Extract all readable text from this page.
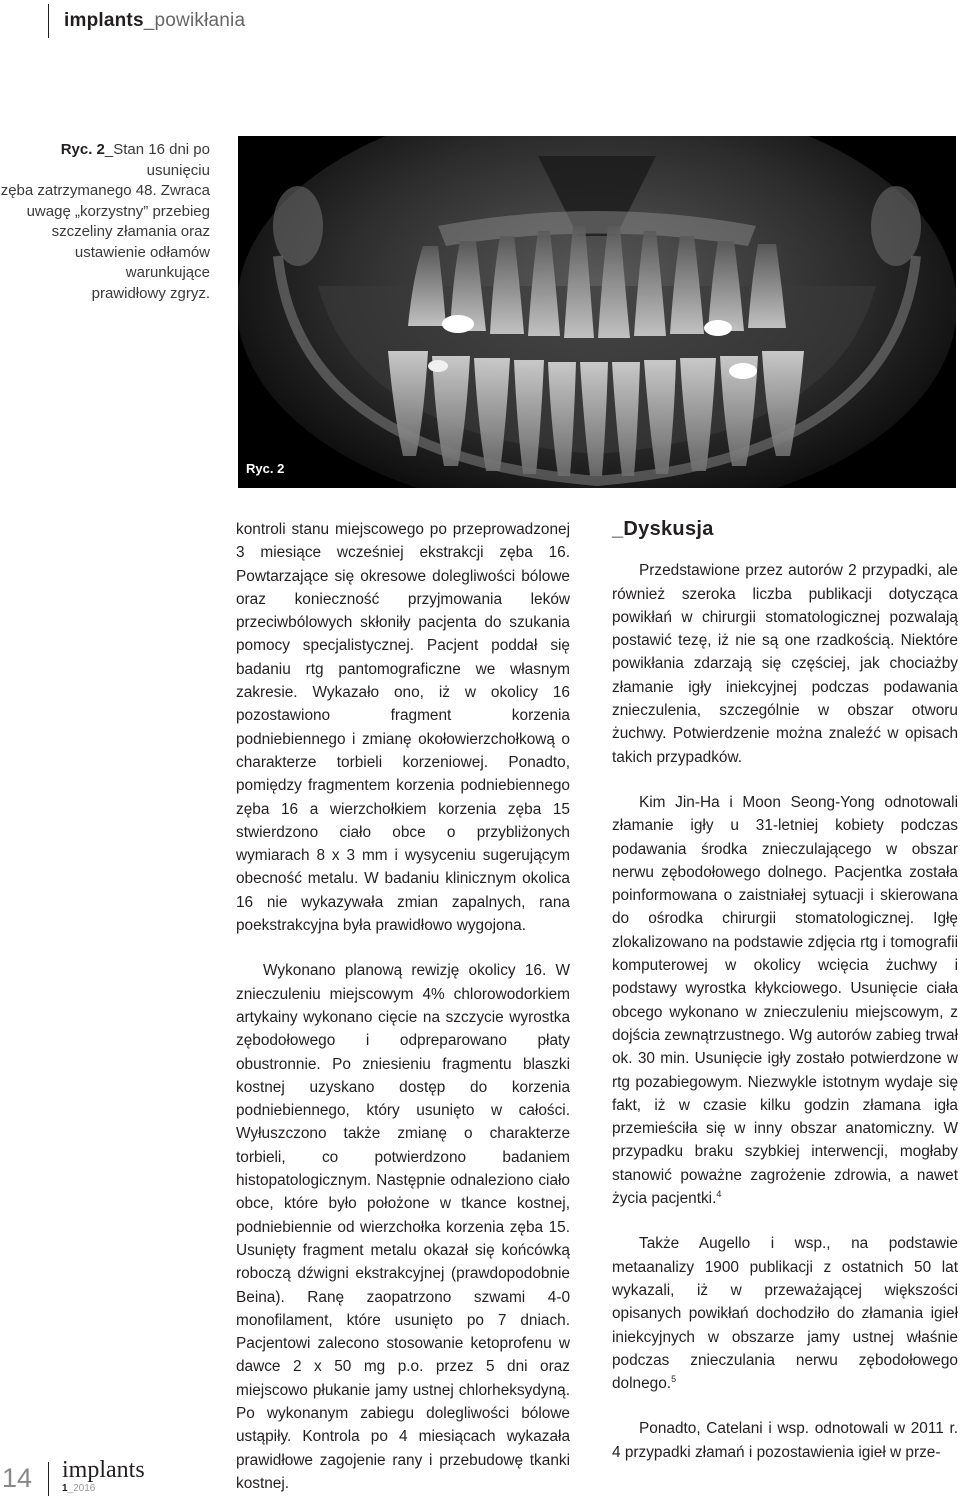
implants_powikłania
Ryc. 2_Stan 16 dni po usunięciu
zęba zatrzymanego 48. Zwraca
uwagę „korzystny” przebieg
szczeliny złamania oraz
ustawienie odłamów warunkujące
prawidłowy zgryz.
Ryc. 2

kontroli stanu miejscowego po przeprowadzonej 3 miesiące wcześniej ekstrakcji zęba 16. Powtarzające się okresowe dolegliwości bólowe oraz konieczność przyjmowania leków przeciwbólowych skłoniły pacjenta do szukania pomocy specjalistycznej. Pacjent poddał się badaniu rtg pantomograficzne we własnym zakresie. Wykazało ono, iż w okolicy 16 pozostawiono fragment korzenia podniebiennego i zmianę okołowierzchołkową o charakterze torbieli korzeniowej. Ponadto, pomiędzy fragmentem korzenia podniebiennego zęba 16 a wierzchołkiem korzenia zęba 15 stwierdzono ciało obce o przybliżonych wymiarach 8 x 3 mm i wysyceniu sugerującym obecność metalu. W badaniu klinicznym okolica 16 nie wykazywała zmian zapalnych, rana poekstrakcyjna była prawidłowo wygojona.

Wykonano planową rewizję okolicy 16. W znieczuleniu miejscowym 4% chlorowodorkiem artykainy wykonano cięcie na szczycie wyrostka zębodołowego i odpreparowano płaty obustronnie. Po zniesieniu fragmentu blaszki kostnej uzyskano dostęp do korzenia podniebiennego, który usunięto w całości. Wyłuszczono także zmianę o charakterze torbieli, co potwierdzono badaniem histopatologicznym. Następnie odnaleziono ciało obce, które było położone w tkance kostnej, podniebiennie od wierzchołka korzenia zęba 15. Usunięty fragment metalu okazał się końcówką roboczą dźwigni ekstrakcyjnej (prawdopodobnie Beina). Ranę zaopatrzono szwami 4-0 monofilament, które usunięto po 7 dniach. Pacjentowi zalecono stosowanie ketoprofenu w dawce 2 x 50 mg p.o. przez 5 dni oraz miejscowo płukanie jamy ustnej chlorheksydyną. Po wykonanym zabiegu dolegliwości bólowe ustąpiły. Kontrola po 4 miesiącach wykazała prawidłowe zagojenie rany i przebudowę tkanki kostnej.

_Dyskusja

Przedstawione przez autorów 2 przypadki, ale również szeroka liczba publikacji dotycząca powikłań w chirurgii stomatologicznej pozwalają postawić tezę, iż nie są one rzadkością. Niektóre powikłania zdarzają się częściej, jak chociażby złamanie igły iniekcyjnej podczas podawania znieczulenia, szczególnie w obszar otworu żuchwy. Potwierdzenie można znaleźć w opisach takich przypadków.

Kim Jin-Ha i Moon Seong-Yong odnotowali złamanie igły u 31-letniej kobiety podczas podawania środka znieczulającego w obszar nerwu zębodołowego dolnego. Pacjentka została poinformowana o zaistniałej sytuacji i skierowana do ośrodka chirurgii stomatologicznej. Igłę zlokalizowano na podstawie zdjęcia rtg i tomografii komputerowej w okolicy wcięcia żuchwy i podstawy wyrostka kłykciowego. Usunięcie ciała obcego wykonano w znieczuleniu miejscowym, z dojścia zewnątrzustnego. Wg autorów zabieg trwał ok. 30 min. Usunięcie igły zostało potwierdzone w rtg pozabiegowym. Niezwykle istotnym wydaje się fakt, iż w czasie kilku godzin złamana igła przemieściła się w inny obszar anatomiczny. W przypadku braku szybkiej interwencji, mogłaby stanowić poważne zagrożenie zdrowia, a nawet życia pacjentki.$^4$

Także Augello i wsp., na podstawie metaanalizy 1900 publikacji z ostatnich 50 lat wykazali, iż w przeważającej większości opisanych powikłań dochodziło do złamania igieł iniekcyjnych w obszarze jamy ustnej właśnie podczas znieczulania nerwu zębodołowego dolnego.$^5$

Ponadto, Catelani i wsp. odnotowali w 2011 r. 4 przypadki złamań i pozostawienia igieł w prze-

14 implants
1_2016
